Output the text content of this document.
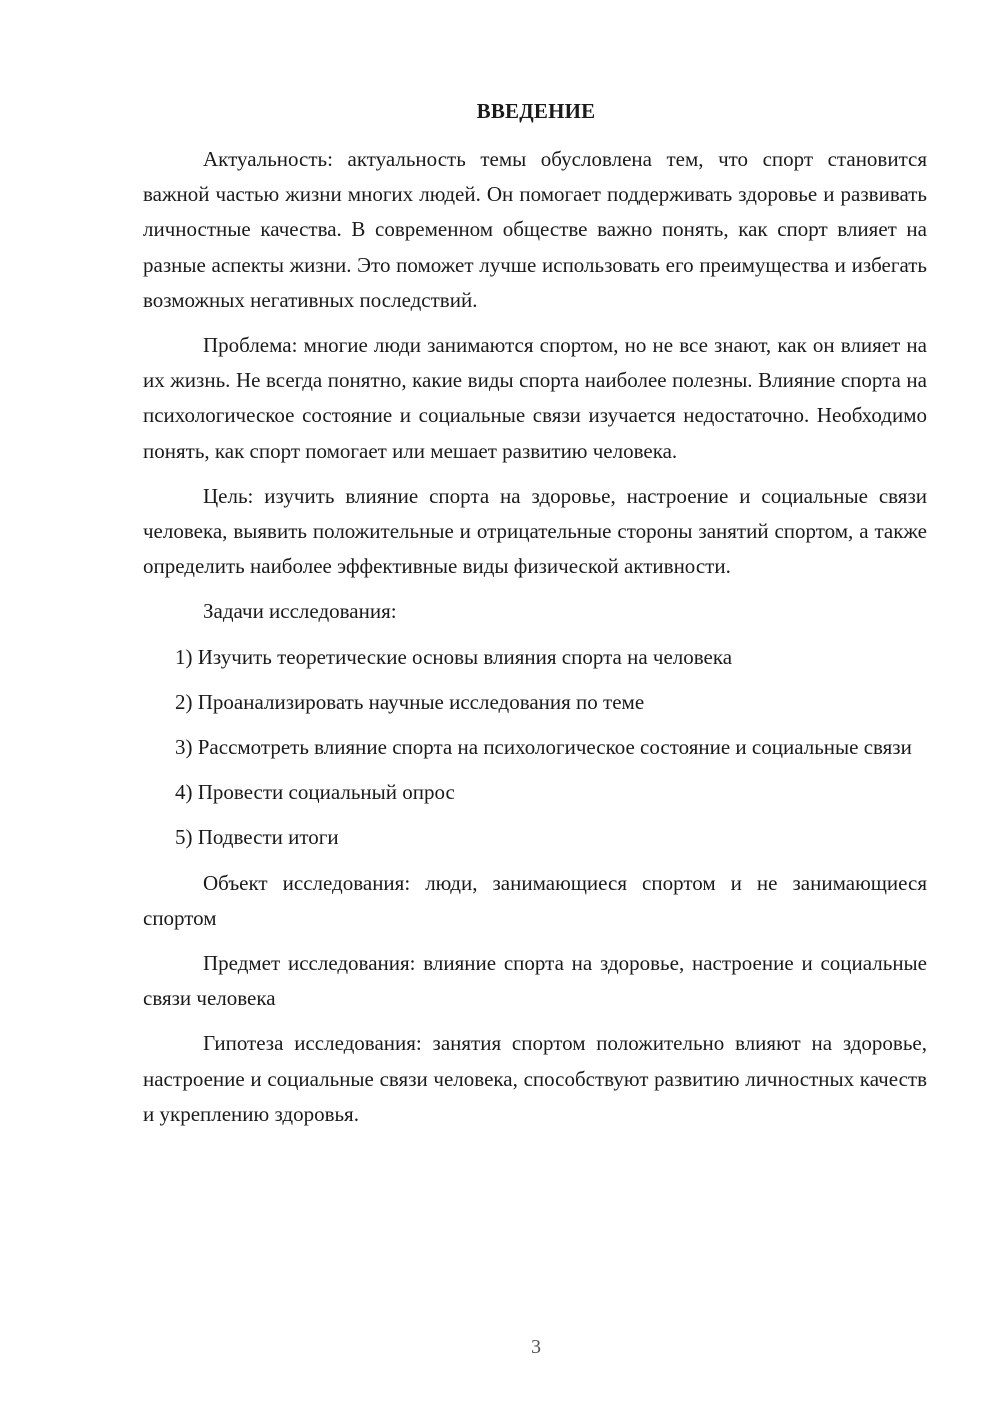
ВВЕДЕНИЕ

Актуальность: актуальность темы обусловлена тем, что спорт становится важной частью жизни многих людей. Он помогает поддерживать здоровье и развивать личностные качества. В современном обществе важно понять, как спорт влияет на разные аспекты жизни. Это поможет лучше использовать его преимущества и избегать возможных негативных последствий.

Проблема: многие люди занимаются спортом, но не все знают, как он влияет на их жизнь. Не всегда понятно, какие виды спорта наиболее полезны. Влияние спорта на психологическое состояние и социальные связи изучается недостаточно. Необходимо понять, как спорт помогает или мешает развитию человека.

Цель: изучить влияние спорта на здоровье, настроение и социальные связи человека, выявить положительные и отрицательные стороны занятий спортом, а также определить наиболее эффективные виды физической активности.

Задачи исследования:

1) Изучить теоретические основы влияния спорта на человека

2) Проанализировать научные исследования по теме

3) Рассмотреть влияние спорта на психологическое состояние и социальные связи

4) Провести социальный опрос

5) Подвести итоги

Объект исследования: люди, занимающиеся спортом и не занимающиеся спортом

Предмет исследования: влияние спорта на здоровье, настроение и социальные связи человека

Гипотеза исследования: занятия спортом положительно влияют на здоровье, настроение и социальные связи человека, способствуют развитию личностных качеств и укреплению здоровья.

3
